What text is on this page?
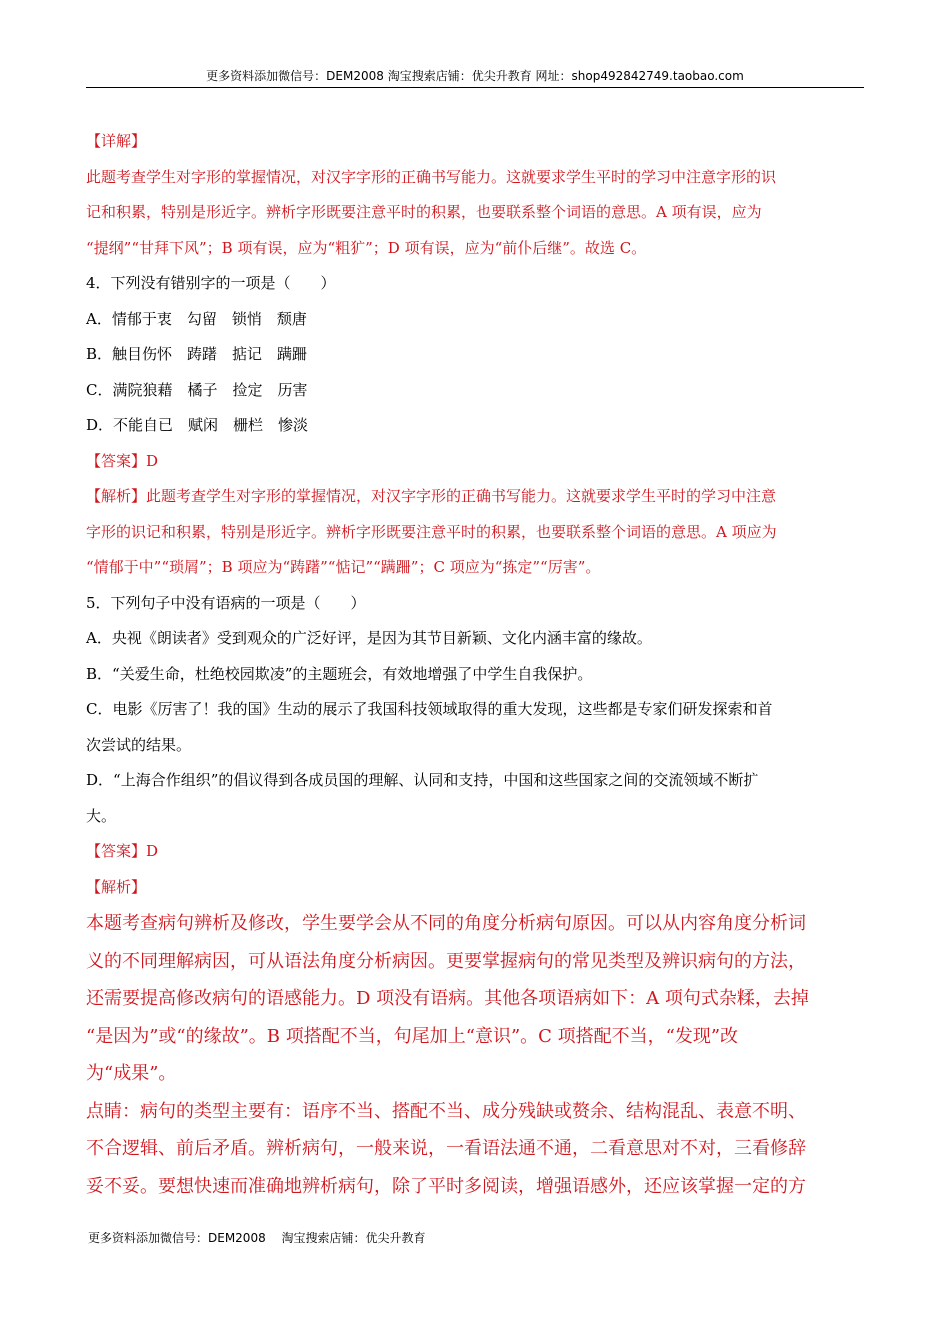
更多资料添加微信号：DEM2008 淘宝搜索店铺：优尖升教育 网址：shop492842749.taobao.com

【详解】

此题考查学生对字形的掌握情况，对汉字字形的正确书写能力。这就要求学生平时的学习中注意字形的识

记和积累，特别是形近字。辨析字形既要注意平时的积累，也要联系整个词语的意思。A 项有误，应为

“提纲”“甘拜下风”；B 项有误，应为“粗犷”；D 项有误，应为“前仆后继”。故选 C。

4．下列没有错别字的一项是（　　）

A．情郁于衷　勾留　锁悄　颓唐

B．触目伤怀　踌躇　掂记　蹒跚

C．满院狼藉　橘子　捡定　历害

D．不能自已　赋闲　栅栏　惨淡

【答案】D

【解析】此题考查学生对字形的掌握情况，对汉字字形的正确书写能力。这就要求学生平时的学习中注意

字形的识记和积累，特别是形近字。辨析字形既要注意平时的积累，也要联系整个词语的意思。A 项应为

“情郁于中”“琐屑”；B 项应为“踌躇”“惦记”“蹒跚”；C 项应为“拣定”“厉害”。

5．下列句子中没有语病的一项是（　　）

A．央视《朗读者》受到观众的广泛好评，是因为其节目新颖、文化内涵丰富的缘故。

B．“关爱生命，杜绝校园欺凌”的主题班会，有效地增强了中学生自我保护。

C．电影《厉害了！我的国》生动的展示了我国科技领域取得的重大发现，这些都是专家们研发探索和首

次尝试的结果。

D．“上海合作组织”的倡议得到各成员国的理解、认同和支持，中国和这些国家之间的交流领域不断扩

大。

【答案】D

【解析】

本题考查病句辨析及修改，学生要学会从不同的角度分析病句原因。可以从内容角度分析词

义的不同理解病因，可从语法角度分析病因。更要掌握病句的常见类型及辨识病句的方法，

还需要提高修改病句的语感能力。D 项没有语病。其他各项语病如下：A 项句式杂糅，去掉

“是因为”或“的缘故”。B 项搭配不当，句尾加上“意识”。C 项搭配不当，“发现”改

为“成果”。

点睛：病句的类型主要有：语序不当、搭配不当、成分残缺或赘余、结构混乱、表意不明、

不合逻辑、前后矛盾。辨析病句，一般来说，一看语法通不通，二看意思对不对，三看修辞

妥不妥。要想快速而准确地辨析病句，除了平时多阅读，增强语感外，还应该掌握一定的方

更多资料添加微信号：DEM2008　 淘宝搜索店铺：优尖升教育
